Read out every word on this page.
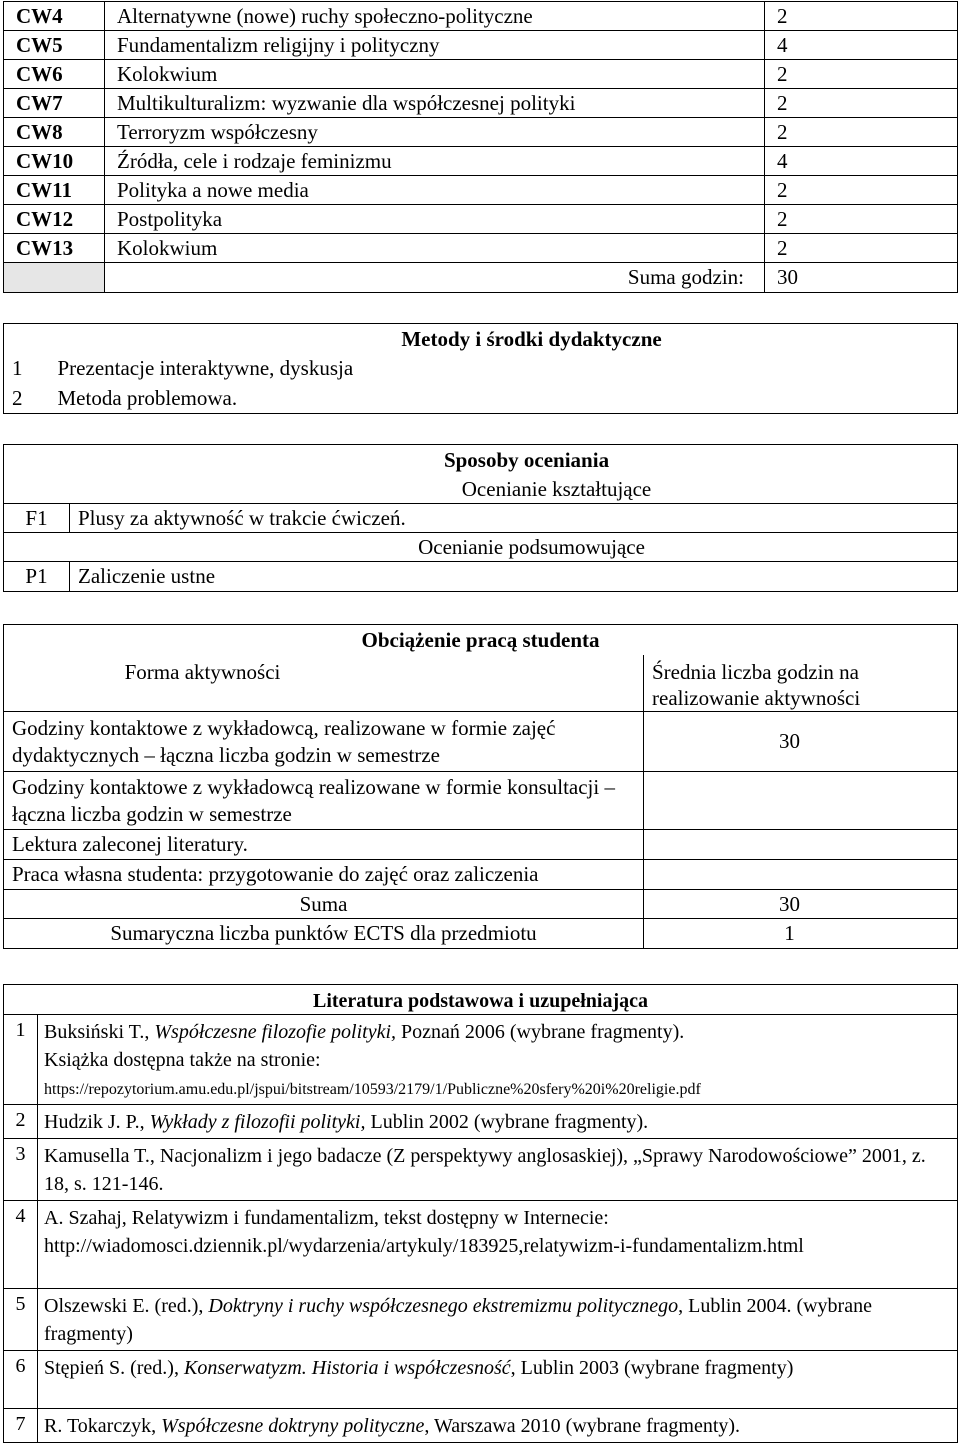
CW4	Alternatywne (nowe) ruchy społeczno-polityczne	2
CW5	Fundamentalizm religijny i polityczny	4
CW6	Kolokwium	2
CW7	Multikulturalizm: wyzwanie dla współczesnej polityki	2
CW8	Terroryzm współczesny	2
CW10	Źródła, cele i rodzaje feminizmu	4
CW11	Polityka a nowe media	2
CW12	Postpolityka	2
CW13	Kolokwium	2
	Suma godzin:	30
Metody i środki dydaktyczne	
1	Prezentacje interaktywne, dyskusja
2	Metoda problemowa.
Sposoby oceniania	
Ocenianie kształtujące	
F1	Plusy za aktywność w trakcie ćwiczeń.
Ocenianie podsumowujące	
P1	Zaliczenie ustne
Obciążenie pracą studenta	
Forma aktywności	Średnia liczba godzin na realizowanie aktywności
Godziny kontaktowe z wykładowcą, realizowane w formie zajęć dydaktycznych – łączna liczba godzin w semestrze	30
Godziny kontaktowe z wykładowcą realizowane w formie konsultacji – łączna liczba godzin w semestrze	
Lektura zaleconej literatury.	
Praca własna studenta: przygotowanie do zajęć oraz zaliczenia	
Suma	30
Sumaryczna liczba punktów ECTS dla przedmiotu	1
Literatura podstawowa i uzupełniająca	
1	Buksiński T., Współczesne filozofie polityki, Poznań 2006 (wybrane fragmenty).
Książka dostępna także na stronie:
https://repozytorium.amu.edu.pl/jspui/bitstream/10593/2179/1/Publiczne%20sfery%20i%20religie.pdf
2	Hudzik J. P., Wykłady z filozofii polityki, Lublin 2002 (wybrane fragmenty).
3	Kamusella T., Nacjonalizm i jego badacze (Z perspektywy anglosaskiej), „Sprawy Narodowościowe” 2001, z. 18, s. 121-146.
4	A. Szahaj, Relatywizm i fundamentalizm, tekst dostępny w Internecie: http://wiadomosci.dziennik.pl/wydarzenia/artykuly/183925,relatywizm-i-fundamentalizm.html
5	Olszewski E. (red.), Doktryny i ruchy współczesnego ekstremizmu politycznego, Lublin 2004. (wybrane fragmenty)
6	Stępień S. (red.), Konserwatyzm. Historia i współczesność, Lublin 2003 (wybrane fragmenty)
7	R. Tokarczyk, Współczesne doktryny polityczne, Warszawa 2010 (wybrane fragmenty).
